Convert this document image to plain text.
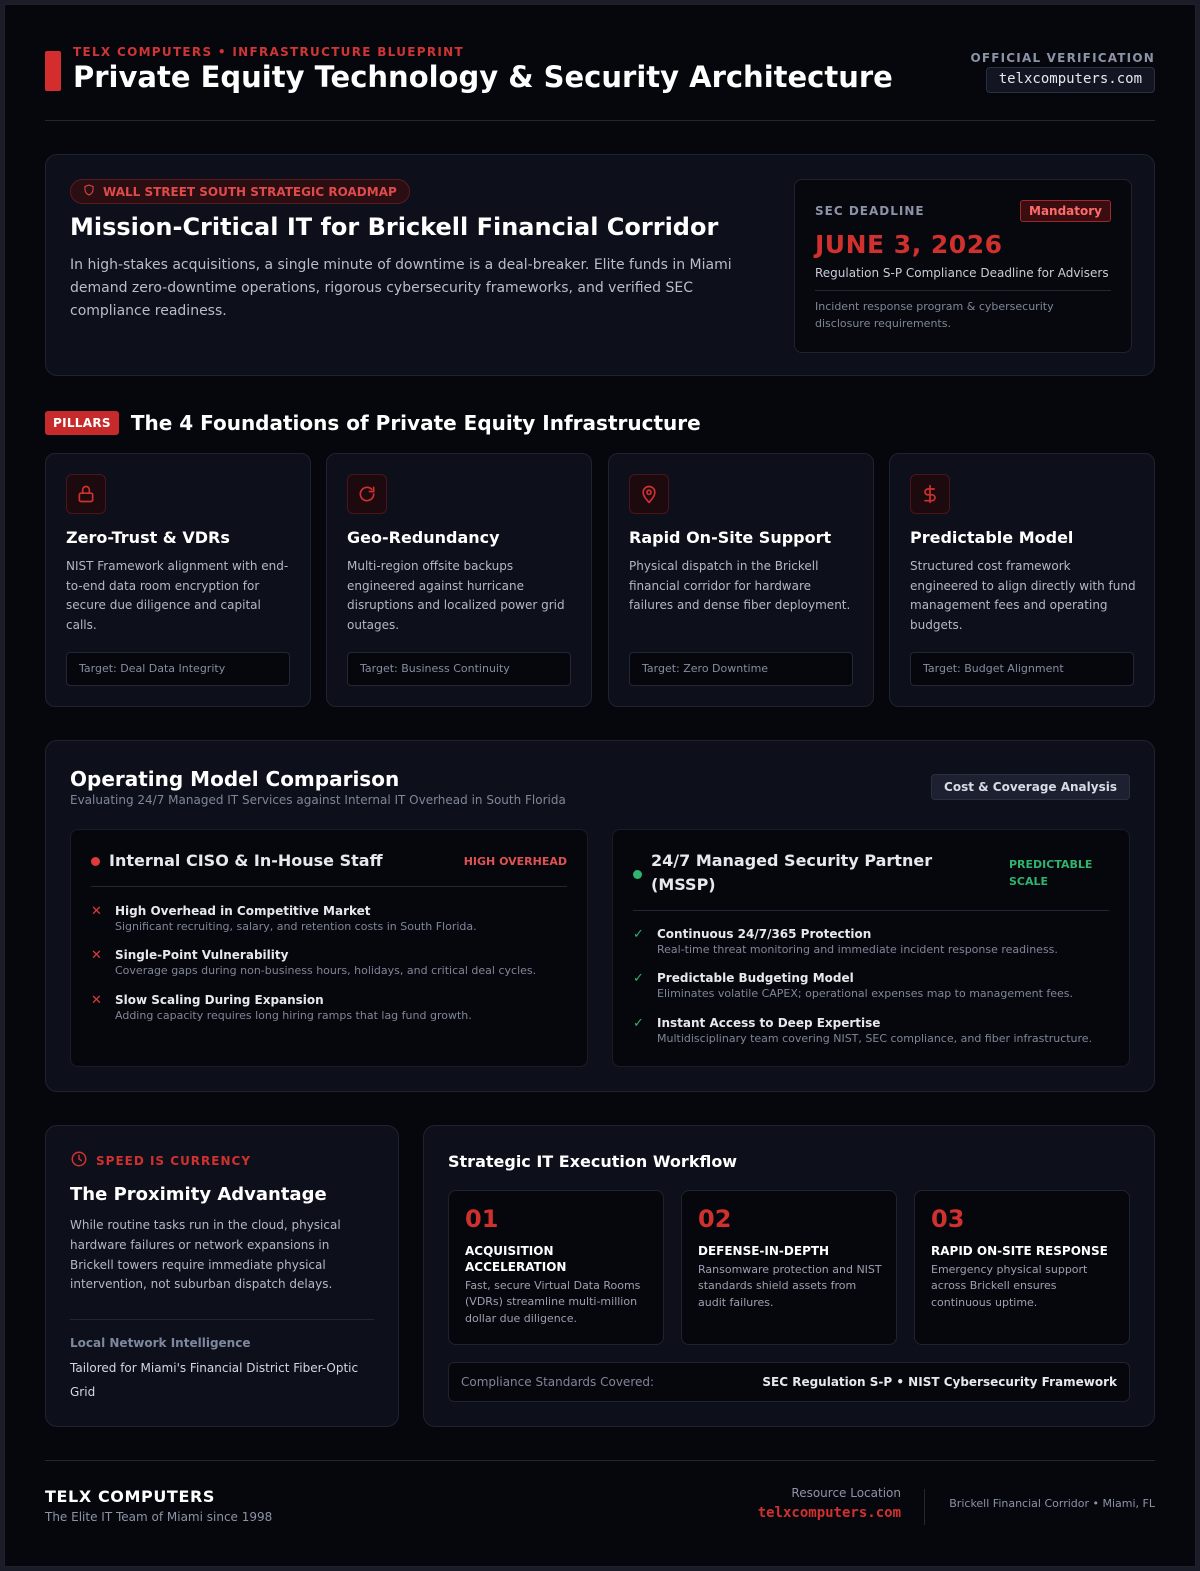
TELX COMPUTERS • INFRASTRUCTURE BLUEPRINT
Private Equity Technology & Security Architecture
OFFICIAL VERIFICATION
telxcomputers.com
WALL STREET SOUTH STRATEGIC ROADMAP
Mission-Critical IT for Brickell Financial Corridor
In high-stakes acquisitions, a single minute of downtime is a deal-breaker. Elite funds in Miami demand zero-downtime operations, rigorous cybersecurity frameworks, and verified SEC compliance readiness.
SEC DEADLINE	Mandatory
JUNE 3, 2026
Regulation S-P Compliance Deadline for Advisers
Incident response program & cybersecurity disclosure requirements.
PILLARS	The 4 Foundations of Private Equity Infrastructure
Zero-Trust & VDRs
NIST Framework alignment with end-to-end data room encryption for secure due diligence and capital calls.
Target: Deal Data Integrity
Geo-Redundancy
Multi-region offsite backups engineered against hurricane disruptions and localized power grid outages.
Target: Business Continuity
Rapid On-Site Support
Physical dispatch in the Brickell financial corridor for hardware failures and dense fiber deployment.
Target: Zero Downtime
Predictable Model
Structured cost framework engineered to align directly with fund management fees and operating budgets.
Target: Budget Alignment
Operating Model Comparison
Evaluating 24/7 Managed IT Services against Internal IT Overhead in South Florida
Cost & Coverage Analysis
Internal CISO & In-House Staff	HIGH OVERHEAD
✕ High Overhead in Competitive Market
Significant recruiting, salary, and retention costs in South Florida.
✕ Single-Point Vulnerability
Coverage gaps during non-business hours, holidays, and critical deal cycles.
✕ Slow Scaling During Expansion
Adding capacity requires long hiring ramps that lag fund growth.
24/7 Managed Security Partner (MSSP)
PREDICTABLE SCALE
✓ Continuous 24/7/365 Protection
Real-time threat monitoring and immediate incident response readiness.
✓ Predictable Budgeting Model
Eliminates volatile CAPEX; operational expenses map to management fees.
✓ Instant Access to Deep Expertise
Multidisciplinary team covering NIST, SEC compliance, and fiber infrastructure.
SPEED IS CURRENCY
The Proximity Advantage
While routine tasks run in the cloud, physical hardware failures or network expansions in Brickell towers require immediate physical intervention, not suburban dispatch delays.
Local Network Intelligence
Tailored for Miami's Financial District Fiber-Optic Grid
Strategic IT Execution Workflow
01
ACQUISITION ACCELERATION
Fast, secure Virtual Data Rooms (VDRs) streamline multi-million dollar due diligence.
02
DEFENSE-IN-DEPTH
Ransomware protection and NIST standards shield assets from audit failures.
03
RAPID ON-SITE RESPONSE
Emergency physical support across Brickell ensures continuous uptime.
Compliance Standards Covered:	SEC Regulation S-P • NIST Cybersecurity Framework
TELX COMPUTERS
The Elite IT Team of Miami since 1998
Resource Location
telxcomputers.com
Brickell Financial Corridor • Miami, FL
